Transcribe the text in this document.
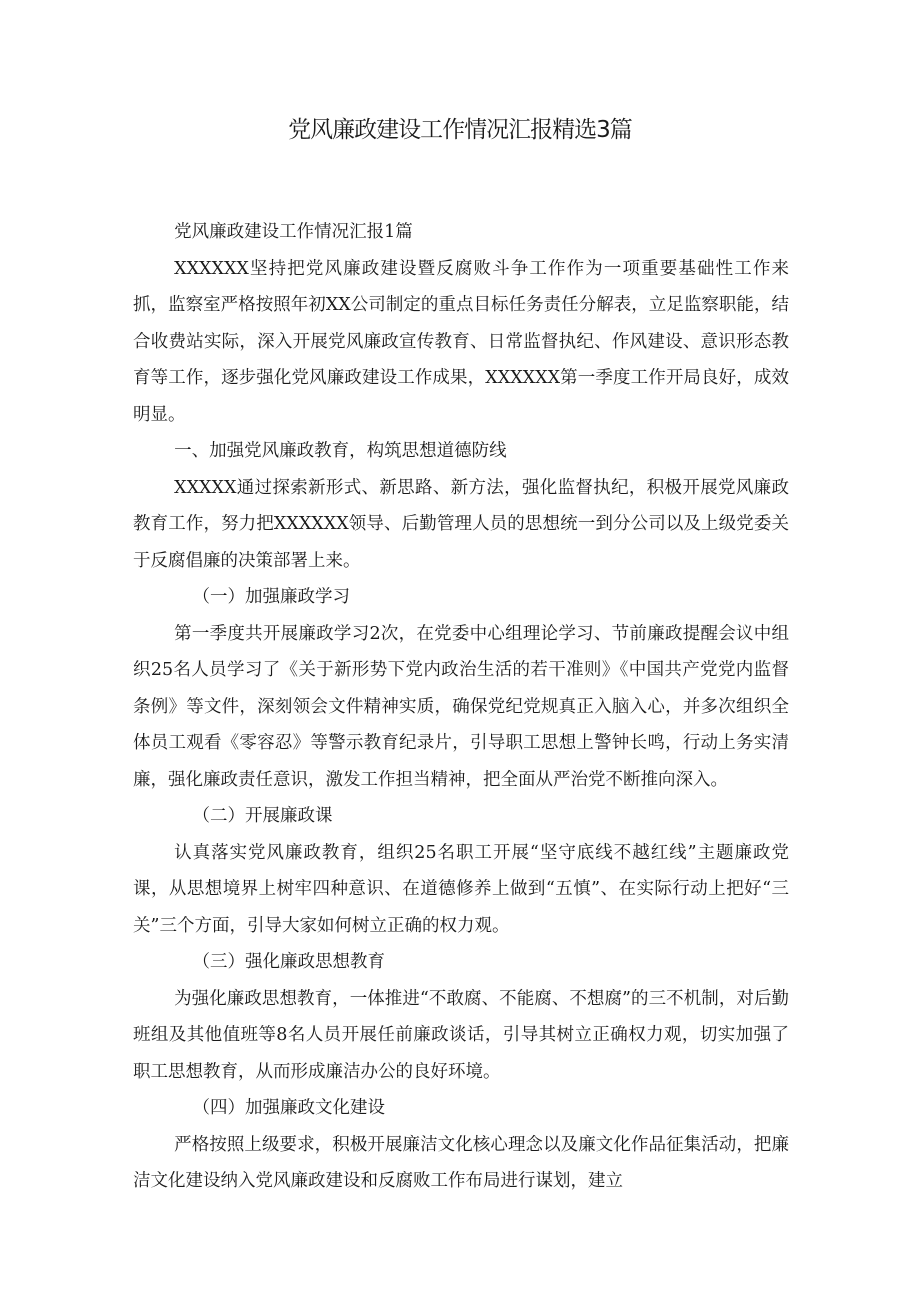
党风廉政建设工作情况汇报精选3篇

党风廉政建设工作情况汇报1篇

XXXXXX坚持把党风廉政建设暨反腐败斗争工作作为一项重要基础性工作来抓，监察室严格按照年初XX公司制定的重点目标任务责任分解表，立足监察职能，结合收费站实际，深入开展党风廉政宣传教育、日常监督执纪、作风建设、意识形态教育等工作，逐步强化党风廉政建设工作成果，XXXXXX第一季度工作开局良好，成效明显。

一、加强党风廉政教育，构筑思想道德防线

XXXXX通过探索新形式、新思路、新方法，强化监督执纪，积极开展党风廉政教育工作，努力把XXXXXX领导、后勤管理人员的思想统一到分公司以及上级党委关于反腐倡廉的决策部署上来。

（一）加强廉政学习

第一季度共开展廉政学习2次，在党委中心组理论学习、节前廉政提醒会议中组织25名人员学习了《关于新形势下党内政治生活的若干准则》《中国共产党党内监督条例》等文件，深刻领会文件精神实质，确保党纪党规真正入脑入心，并多次组织全体员工观看《零容忍》等警示教育纪录片，引导职工思想上警钟长鸣，行动上务实清廉，强化廉政责任意识，激发工作担当精神，把全面从严治党不断推向深入。

（二）开展廉政课

认真落实党风廉政教育，组织25名职工开展“坚守底线不越红线”主题廉政党课，从思想境界上树牢四种意识、在道德修养上做到“五慎”、在实际行动上把好“三关”三个方面，引导大家如何树立正确的权力观。

（三）强化廉政思想教育

为强化廉政思想教育，一体推进“不敢腐、不能腐、不想腐”的三不机制，对后勤班组及其他值班等8名人员开展任前廉政谈话，引导其树立正确权力观，切实加强了职工思想教育，从而形成廉洁办公的良好环境。

（四）加强廉政文化建设

严格按照上级要求，积极开展廉洁文化核心理念以及廉文化作品征集活动，把廉洁文化建设纳入党风廉政建设和反腐败工作布局进行谋划，建立
